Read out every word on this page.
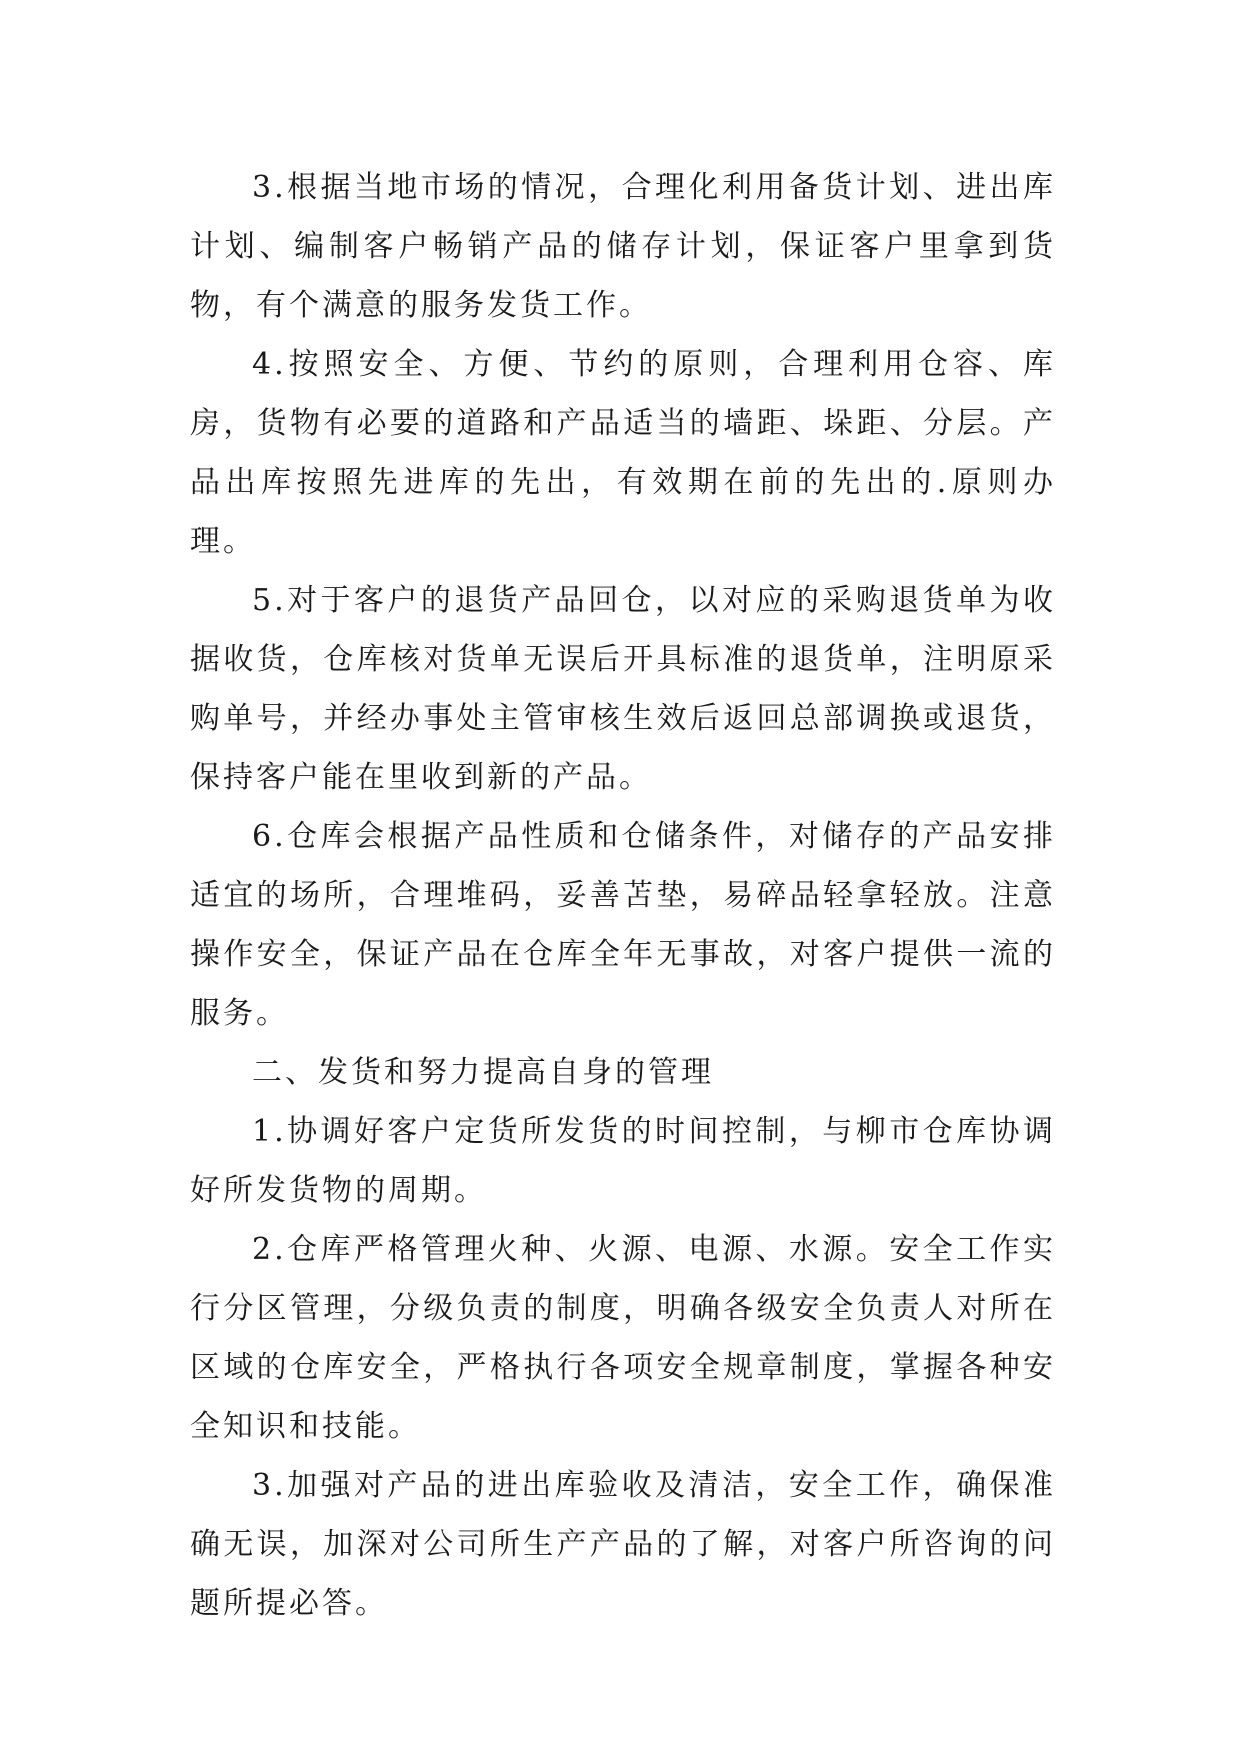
3.根据当地市场的情况，合理化利用备货计划、进出库计划、编制客户畅销产品的储存计划，保证客户里拿到货物，有个满意的服务发货工作。

4.按照安全、方便、节约的原则，合理利用仓容、库房，货物有必要的道路和产品适当的墙距、垛距、分层。产品出库按照先进库的先出，有效期在前的先出的.原则办理。

5.对于客户的退货产品回仓，以对应的采购退货单为收据收货，仓库核对货单无误后开具标准的退货单，注明原采购单号，并经办事处主管审核生效后返回总部调换或退货，保持客户能在里收到新的产品。

6.仓库会根据产品性质和仓储条件，对储存的产品安排适宜的场所，合理堆码，妥善苫垫，易碎品轻拿轻放。注意操作安全，保证产品在仓库全年无事故，对客户提供一流的服务。

二、发货和努力提高自身的管理

1.协调好客户定货所发货的时间控制，与柳市仓库协调好所发货物的周期。

2.仓库严格管理火种、火源、电源、水源。安全工作实行分区管理，分级负责的制度，明确各级安全负责人对所在区域的仓库安全，严格执行各项安全规章制度，掌握各种安全知识和技能。

3.加强对产品的进出库验收及清洁，安全工作，确保准确无误，加深对公司所生产产品的了解，对客户所咨询的问题所提必答。
